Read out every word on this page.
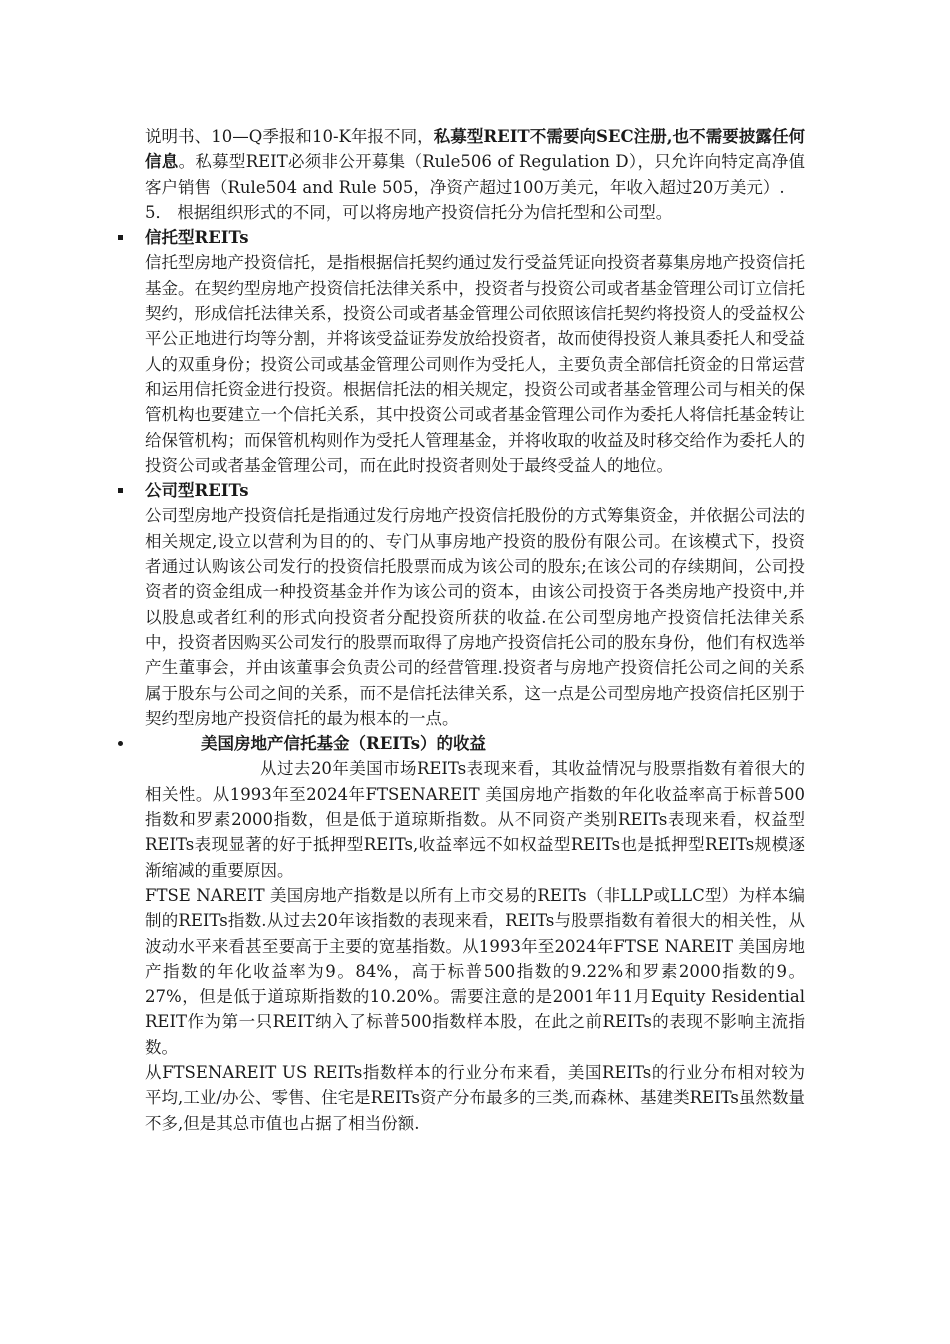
说明书、10—Q季报和10-K年报不同，私募型REIT不需要向SEC注册,也不需要披露任何信息。私募型REIT必须非公开募集（Rule506 of Regulation D），只允许向特定高净值客户销售（Rule504 and Rule 505，净资产超过100万美元，年收入超过20万美元）.

5． 根据组织形式的不同，可以将房地产投资信托分为信托型和公司型。

信托型REITs

信托型房地产投资信托，是指根据信托契约通过发行受益凭证向投资者募集房地产投资信托基金。在契约型房地产投资信托法律关系中，投资者与投资公司或者基金管理公司订立信托契约，形成信托法律关系，投资公司或者基金管理公司依照该信托契约将投资人的受益权公平公正地进行均等分割，并将该受益证券发放给投资者，故而使得投资人兼具委托人和受益人的双重身份；投资公司或基金管理公司则作为受托人，主要负责全部信托资金的日常运营和运用信托资金进行投资。根据信托法的相关规定，投资公司或者基金管理公司与相关的保管机构也要建立一个信托关系，其中投资公司或者基金管理公司作为委托人将信托基金转让给保管机构；而保管机构则作为受托人管理基金，并将收取的收益及时移交给作为委托人的投资公司或者基金管理公司，而在此时投资者则处于最终受益人的地位。

公司型REITs

公司型房地产投资信托是指通过发行房地产投资信托股份的方式筹集资金，并依据公司法的相关规定,设立以营利为目的的、专门从事房地产投资的股份有限公司。在该模式下，投资者通过认购该公司发行的投资信托股票而成为该公司的股东;在该公司的存续期间，公司投资者的资金组成一种投资基金并作为该公司的资本，由该公司投资于各类房地产投资中,并以股息或者红利的形式向投资者分配投资所获的收益.在公司型房地产投资信托法律关系中，投资者因购买公司发行的股票而取得了房地产投资信托公司的股东身份，他们有权选举产生董事会，并由该董事会负责公司的经营管理.投资者与房地产投资信托公司之间的关系属于股东与公司之间的关系，而不是信托法律关系，这一点是公司型房地产投资信托区别于契约型房地产投资信托的最为根本的一点。

美国房地产信托基金（REITs）的收益

从过去20年美国市场REITs表现来看，其收益情况与股票指数有着很大的相关性。从1993年至2024年FTSENAREIT 美国房地产指数的年化收益率高于标普500指数和罗素2000指数，但是低于道琼斯指数。从不同资产类别REITs表现来看，权益型REITs表现显著的好于抵押型REITs,收益率远不如权益型REITs也是抵押型REITs规模逐渐缩减的重要原因。

FTSE NAREIT 美国房地产指数是以所有上市交易的REITs（非LLP或LLC型）为样本编制的REITs指数.从过去20年该指数的表现来看，REITs与股票指数有着很大的相关性，从波动水平来看甚至要高于主要的宽基指数。从1993年至2024年FTSE NAREIT 美国房地产指数的年化收益率为9。84%，高于标普500指数的9.22%和罗素2000指数的9。27%，但是低于道琼斯指数的10.20%。需要注意的是2001年11月Equity Residential REIT作为第一只REIT纳入了标普500指数样本股，在此之前REITs的表现不影响主流指数。

从FTSENAREIT US REITs指数样本的行业分布来看，美国REITs的行业分布相对较为平均,工业/办公、零售、住宅是REITs资产分布最多的三类,而森林、基建类REITs虽然数量不多,但是其总市值也占据了相当份额.
